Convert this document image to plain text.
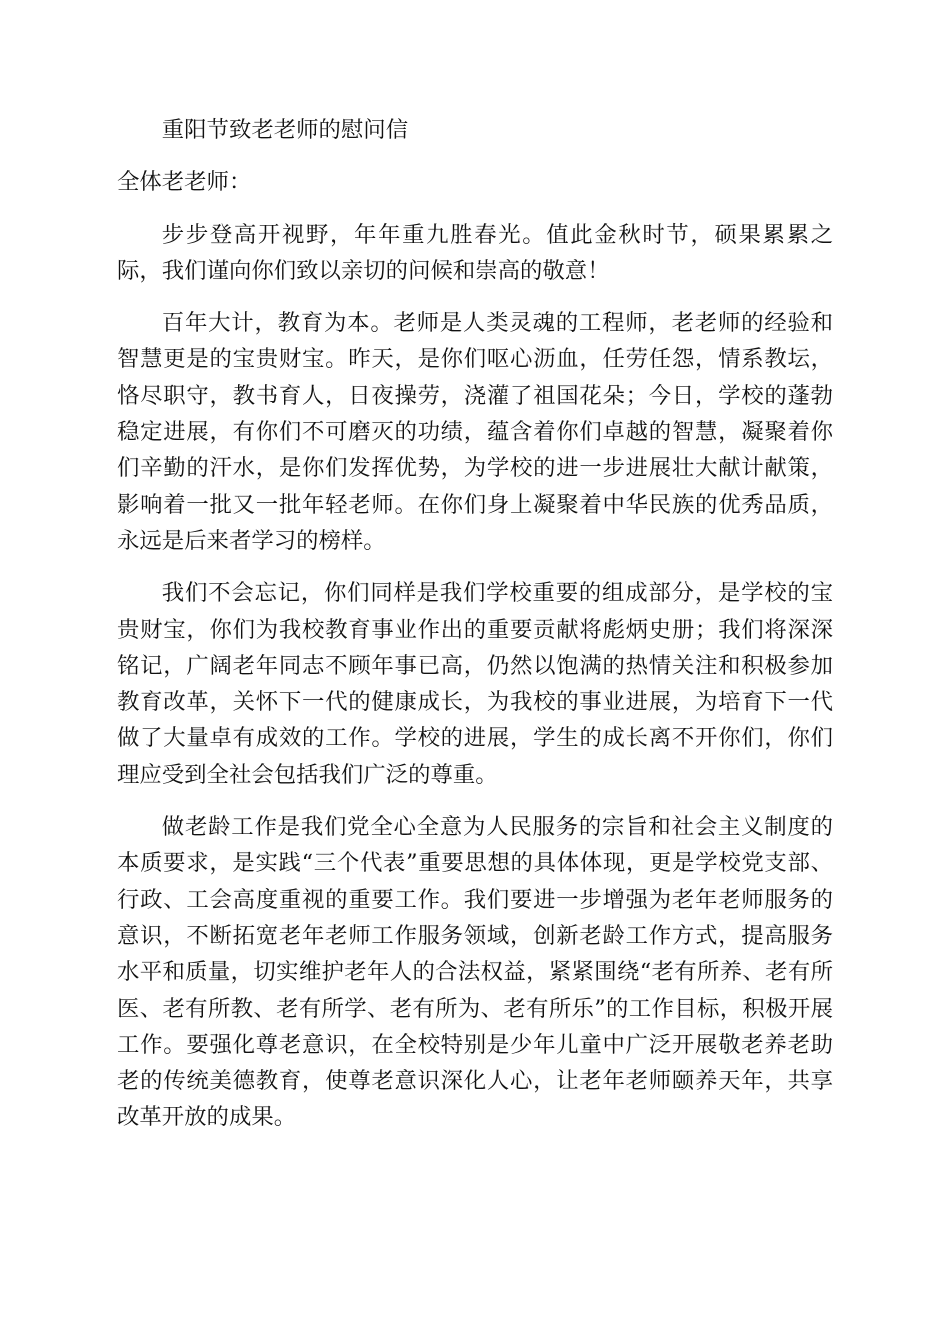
重阳节致老老师的慰问信

全体老老师：

步步登高开视野，年年重九胜春光。值此金秋时节，硕果累累之际，我们谨向你们致以亲切的问候和崇高的敬意！

百年大计，教育为本。老师是人类灵魂的工程师，老老师的经验和智慧更是的宝贵财宝。昨天，是你们呕心沥血，任劳任怨，情系教坛，恪尽职守，教书育人，日夜操劳，浇灌了祖国花朵；今日，学校的蓬勃稳定进展，有你们不可磨灭的功绩，蕴含着你们卓越的智慧，凝聚着你们辛勤的汗水，是你们发挥优势，为学校的进一步进展壮大献计献策，影响着一批又一批年轻老师。在你们身上凝聚着中华民族的优秀品质，永远是后来者学习的榜样。

我们不会忘记，你们同样是我们学校重要的组成部分，是学校的宝贵财宝，你们为我校教育事业作出的重要贡献将彪炳史册；我们将深深铭记，广阔老年同志不顾年事已高，仍然以饱满的热情关注和积极参加教育改革，关怀下一代的健康成长，为我校的事业进展，为培育下一代做了大量卓有成效的工作。学校的进展，学生的成长离不开你们，你们理应受到全社会包括我们广泛的尊重。

做老龄工作是我们党全心全意为人民服务的宗旨和社会主义制度的本质要求，是实践“三个代表”重要思想的具体体现，更是学校党支部、行政、工会高度重视的重要工作。我们要进一步增强为老年老师服务的意识，不断拓宽老年老师工作服务领域，创新老龄工作方式，提高服务水平和质量，切实维护老年人的合法权益，紧紧围绕“老有所养、老有所医、老有所教、老有所学、老有所为、老有所乐”的工作目标，积极开展工作。要强化尊老意识，在全校特别是少年儿童中广泛开展敬老养老助老的传统美德教育，使尊老意识深化人心，让老年老师颐养天年，共享改革开放的成果。
